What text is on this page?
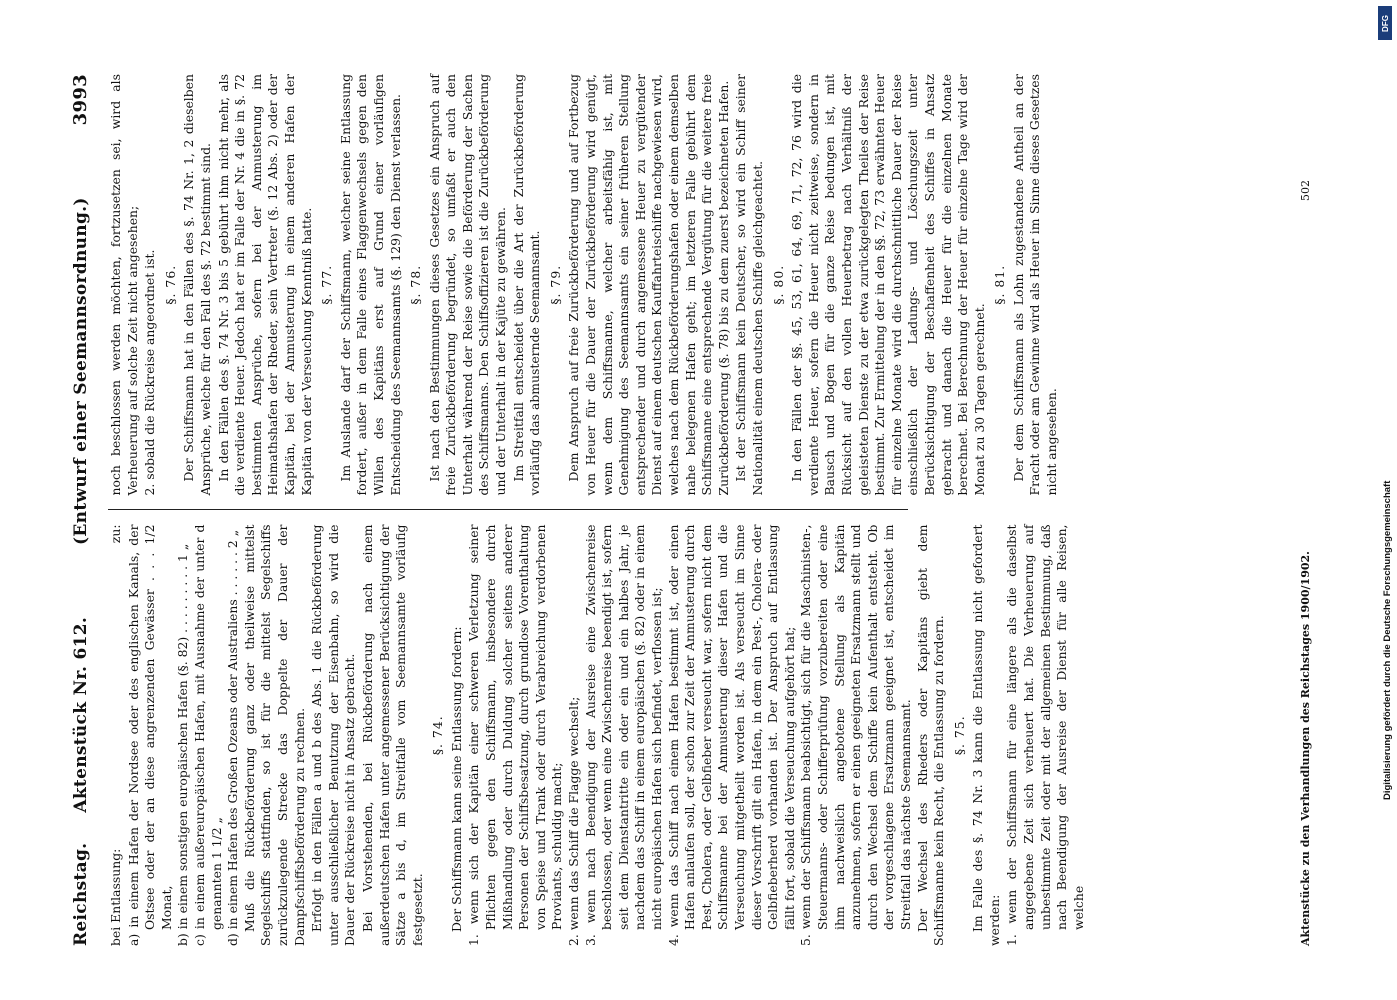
Reichstag.
Aktenstück Nr. 612.
(Entwurf einer Seemannsordnung.)
3993

bei Entlassung:
zu: a) in einem Hafen der Nordsee oder des englischen Kanals, der Ostsee oder der an diese angrenzenden Gewässer . . . 1/2 Monat, b) in einem sonstigen europäischen Hafen (§. 82) . . . . . . . . . 1 „ c) in einem außereuropäischen Hafen, mit Ausnahme der unter d genannten 1 1/2 „ d) in einem Hafen des Großen Ozeans oder Australiens . . . . . . 2 „ Muß die Rückbeförderung ganz oder theilweise mittelst Segelschiffs stattfinden, so ist für die mittelst Segelschiffs zurückzulegende Strecke das Doppelte der Dauer der Dampfschiffsbeförderung zu rechnen. Erfolgt in den Fällen a und b des Abs. 1 die Rückbeförderung unter ausschließlicher Benutzung der Eisenbahn, so wird die Dauer der Rückreise nicht in Ansatz gebracht. Bei Vorstehenden, bei Rückbeförderung nach einem außerdeutschen Hafen unter angemessener Berücksichtigung der Sätze a bis d, im Streitfalle vom Seemannsamte vorläufig festgesetzt.

§. 74. Der Schiffsmann kann seine Entlassung fordern: 1. wenn sich der Kapitän einer schweren Verletzung seiner Pflichten gegen den Schiffsmann, insbesondere durch Mißhandlung oder durch Duldung solcher seitens anderer Personen der Schiffsbesatzung, durch grundlose Vorenthaltung von Speise und Trank oder durch Verabreichung verdorbenen Proviants, schuldig macht; 2. wenn das Schiff die Flagge wechselt; 3. wenn nach Beendigung der Ausreise eine Zwischenreise beschlossen, oder wenn eine Zwischenreise beendigt ist, sofern seit dem Dienstantritte ein oder ein und ein halbes Jahr, je nachdem das Schiff in einem europäischen (§. 82) oder in einem nicht europäischen Hafen sich befindet, verflossen ist; 4. wenn das Schiff nach einem Hafen bestimmt ist, oder einen Hafen anlaufen soll, der schon zur Zeit der Anmusterung durch Pest, Cholera, oder Gelbfieber verseucht war, sofern nicht dem Schiffsmanne bei der Anmusterung dieser Hafen und die Verseuchung mitgetheilt worden ist. Als verseucht im Sinne dieser Vorschrift gilt ein Hafen, in dem ein Pest-, Cholera- oder Gelbfieberherd vorhanden ist. Der Anspruch auf Entlassung fällt fort, sobald die Verseuchung aufgehört hat; 5. wenn der Schiffsmann beabsichtigt, sich für die Maschinisten-, Steuermanns- oder Schifferprüfung vorzubereiten oder eine ihm nachweislich angebotene Stellung als Kapitän anzunehmen, sofern er einen geeigneten Ersatzmann stellt und durch den Wechsel dem Schiffe kein Aufenthalt entsteht. Ob der vorgeschlagene Ersatzmann geeignet ist, entscheidet im Streitfall das nächste Seemannsamt. Der Wechsel des Rheders oder Kapitäns giebt dem Schiffsmanne kein Recht, die Entlassung zu fordern. §. 75. Im Falle des §. 74 Nr. 3 kann die Entlassung nicht gefordert werden: 1. wenn der Schiffsmann für eine längere als die daselbst angegebene Zeit sich verheuert hat. Die Verheuerung auf unbestimmte Zeit oder mit der allgemeinen Bestimmung, daß nach Beendigung der Ausreise der Dienst für alle Reisen, welche

noch beschlossen werden möchten, fortzusetzen sei, wird als Verheuerung auf solche Zeit nicht angesehen; 2. sobald die Rückreise angeordnet ist. §. 76. Der Schiffsmann hat in den Fällen des §. 74 Nr. 1, 2 dieselben Ansprüche, welche für den Fall des §. 72 bestimmt sind. In den Fällen des §. 74 Nr. 3 bis 5 gebührt ihm nicht mehr, als die verdiente Heuer. Jedoch hat er im Falle der Nr. 4 die in §. 72 bestimmten Ansprüche, sofern bei der Anmusterung im Heimathshafen der Rheder, sein Vertreter (§. 12 Abs. 2) oder der Kapitän, bei der Anmusterung in einem anderen Hafen der Kapitän von der Verseuchung Kenntniß hatte. §. 77. Im Auslande darf der Schiffsmann, welcher seine Entlassung fordert, außer in dem Falle eines Flaggenwechsels gegen den Willen des Kapitäns erst auf Grund einer vorläufigen Entscheidung des Seemannsamts (§. 129) den Dienst verlassen. §. 78. Ist nach den Bestimmungen dieses Gesetzes ein Anspruch auf freie Zurückbeförderung begründet, so umfaßt er auch den Unterhalt während der Reise sowie die Beförderung der Sachen des Schiffsmanns. Den Schiffsoffizieren ist die Zurückbeförderung und der Unterhalt in der Kajüte zu gewähren. Im Streitfall entscheidet über die Art der Zurückbeförderung vorläufig das abmusternde Seemannsamt. §. 79. Dem Anspruch auf freie Zurückbeförderung und auf Fortbezug von Heuer für die Dauer der Zurückbeförderung wird genügt, wenn dem Schiffsmanne, welcher arbeitsfähig ist, mit Genehmigung des Seemannsamts ein seiner früheren Stellung entsprechender und durch angemessene Heuer zu vergütender Dienst auf einem deutschen Kauffahrteischiffe nachgewiesen wird, welches nach dem Rückbeförderungshafen oder einem demselben nahe belegenen Hafen geht; im letzteren Falle gebührt dem Schiffsmanne eine entsprechende Vergütung für die weitere freie Zurückbeförderung (§. 78) bis zu dem zuerst bezeichneten Hafen. Ist der Schiffsmann kein Deutscher, so wird ein Schiff seiner Nationalität einem deutschen Schiffe gleichgeachtet. §. 80. In den Fällen der §§. 45, 53, 61, 64, 69, 71, 72, 76 wird die verdiente Heuer, sofern die Heuer nicht zeitweise, sondern in Bausch und Bogen für die ganze Reise bedungen ist, mit Rücksicht auf den vollen Heuerbetrag nach Verhältniß der geleisteten Dienste zu der etwa zurückgelegten Theiles der Reise bestimmt. Zur Ermittelung der in den §§. 72, 73 erwähnten Heuer für einzelne Monate wird die durchschnittliche Dauer der Reise einschließlich der Ladungs- und Löschungszeit unter Berücksichtigung der Beschaffenheit des Schiffes in Ansatz gebracht und danach die Heuer für die einzelnen Monate berechnet. Bei Berechnung der Heuer für einzelne Tage wird der Monat zu 30 Tagen gerechnet.

§. 81. Der dem Schiffsmann als Lohn zugestandene Antheil an der Fracht oder am Gewinne wird als Heuer im Sinne dieses Gesetzes nicht angesehen.

Aktenstücke zu den Verhandlungen des Reichstages 1900/1902.
502
DFG
Digitalisierung gefördert durch die Deutsche Forschungsgemeinschaft
